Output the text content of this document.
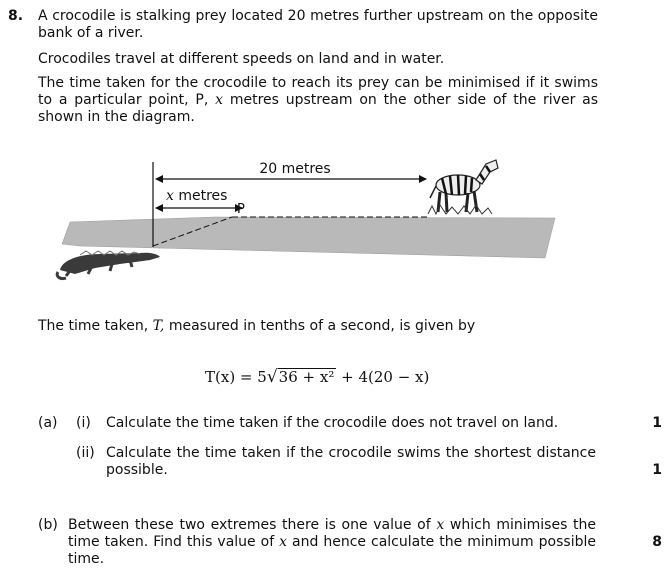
8. A crocodile is stalking prey located 20 metres further upstream on the opposite bank of a river.
Crocodiles travel at different speeds on land and in water.
The time taken for the crocodile to reach its prey can be minimised if it swims to a particular point, P, x metres upstream on the other side of the river as shown in the diagram.
20 metres
x metres
P
The time taken, T, measured in tenths of a second, is given by
T(x) = 5√36 + x² + 4(20 − x)
(a) (i) Calculate the time taken if the crocodile does not travel on land.	1
(ii) Calculate the time taken if the crocodile swims the shortest distance possible.	1
(b) Between these two extremes there is one value of x which minimises the time taken. Find this value of x and hence calculate the minimum possible time.
8
